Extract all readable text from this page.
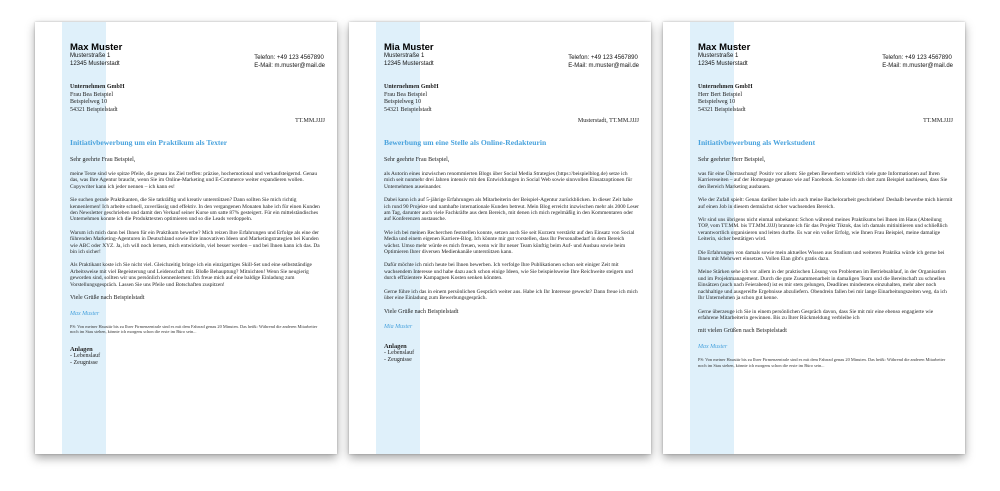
Max Muster
Musterstraße 1
12345 Musterstadt
Telefon: +49 123 4567890
E-Mail: m.muster@mail.de
Unternehmen GmbH
Frau Bea Beispiel
Beispielweg 10
54321 Beispielstadt
TT.MM.JJJJ
Initiativbewerbung um ein Praktikum als Texter
Sehr geehrte Frau Beispiel,
meine Texte sind wie spitze Pfeile, die genau ins Ziel treffen: präzise, hochemotional und verkaufsteigernd. Genau das, was Ihre Agentur braucht, wenn Sie im Online-Marketing und E-Commerce weiter expandieren wollen. Copywriter kann ich jeder nennen – ich kann es!
Sie suchen gerade Praktikanten, die Sie tatkräftig und kreativ unterstützen? Dann sollten Sie mich richtig kennenlernen! Ich arbeite schnell, zuverlässig und effektiv. In den vergangenen Monaten habe ich für einen Kunden den Newsletter geschrieben und damit den Verkauf seiner Kurse um satte 87% gesteigert. Für ein mittelständisches Unternehmen konnte ich die Produkttexten optimieren und so die Leads verdoppeln.
Warum ich mich dann bei Ihnen für ein Praktikum bewerbe? Mich reizen Ihre Erfahrungen und Erfolge als eine der führenden Marketing-Agenturen in Deutschland sowie Ihre innovativen Ideen und Marketingstrategien bei Kunden wie ABC oder XYZ. Ja, ich will noch lernen, mich entwickeln, viel besser werden – und bei Ihnen kann ich das. Da bin ich sicher!
Als Praktikant koste ich Sie nicht viel. Gleichzeitig bringe ich ein einzigartiges Skill-Set und eine selbstständige Arbeitsweise mit viel Begeisterung und Leidenschaft mit. Bloße Behauptung? Mitnichten! Wenn Sie neugierig geworden sind, sollten wir uns persönlich kennenlernen: Ich freue mich auf eine baldige Einladung zum Vorstellungsgespräch. Lassen Sie uns Pfeile und Botschaften zuspitzen!
Viele Grüße nach Beispielstadt
Max Muster
PS: Von meiner Haustür bis zu Ihrer Firmenzentrale sind es mit dem Fahrrad genau 20 Minuten. Das heißt: Während die anderen Mitarbeiter noch im Stau stehen, könnte ich morgens schon die erste im Büro sein...
Anlagen
- Lebenslauf
- Zeugnisse
Mia Muster
Musterstraße 1
12345 Musterstadt
Telefon: +49 123 4567890
E-Mail: m.muster@mail.de
Unternehmen GmbH
Frau Bea Beispiel
Beispielweg 10
54321 Beispielstadt
Musterstadt, TT.MM.JJJJ
Bewerbung um eine Stelle als Online-Redakteurin
Sehr geehrte Frau Beispiel,
als Autorin eines inzwischen renommierten Blogs über Social Media Strategies (https://beispielblog.de) setze ich mich seit nunmehr drei Jahren intensiv mit den Entwicklungen in Social Web sowie sinnvollen Einsatzoptionen für Unternehmen auseinander.
Dabei kann ich auf 5-jährige Erfahrungen als Mitarbeiterin der Beispiel-Agentur zurückblicken. In dieser Zeit habe ich rund 90 Projekte und namhafte internationale Kunden betreut. Mein Blog erreicht inzwischen mehr als 2000 Leser am Tag, darunter auch viele Fachkräfte aus dem Bereich, mit denen ich mich regelmäßig in den Kommentaren oder auf Konferenzen austausche.
Wie ich bei meinen Recherchen feststellen konnte, setzen auch Sie seit Kurzem verstärkt auf den Einsatz von Social Media und einem eigenen Karriere-Blog. Ich könnte mir gut vorstellen, dass Ihr Personalbedarf in dem Bereich wächst. Umso mehr würde es mich freuen, wenn wir Ihr neuer Team künftig beim Auf- und Ausbau sowie beim Optimieren Ihrer diversen Medienkanäle unterstützen kann.
Dafür möchte ich mich heute bei Ihnen bewerben. Ich verfolge Ihre Publikationen schon seit einiger Zeit mit wachsendem Interesse und habe dazu auch schon einige Ideen, wie Sie beispielsweise Ihre Reichweite steigern und durch effizientere Kampagnen Kosten senken könnten.
Gerne führe ich das in einem persönlichen Gespräch weiter aus. Habe ich Ihr Interesse geweckt? Dann freue ich mich über eine Einladung zum Bewerbungsgespräch.
Viele Grüße nach Beispielstadt
Mia Muster
Anlagen
- Lebenslauf
- Zeugnisse
Max Muster
Musterstraße 1
12345 Musterstadt
Telefon: +49 123 4567890
E-Mail: m.muster@mail.de
Unternehmen GmbH
Herr Bert Beispiel
Beispielweg 10
54321 Beispielstadt
TT.MM.JJJJ
Initiativbewerbung als Werkstudent
Sehr geehrter Herr Beispiel,
was für eine Überraschung! Positiv vor allem: Sie geben Bewerbern wirklich viele gute Informationen auf Ihren Karriereseiten – auf der Homepage genauso wie auf Facebook. So konnte ich dort zum Beispiel nachlesen, dass Sie den Bereich Marketing ausbauen.
Wie der Zufall spielt: Genau darüber habe ich auch meine Bachelorarbeit geschrieben! Deshalb bewerbe mich hiermit auf einen Job in diesem demnächst sicher wachsenden Bereich.
Wir sind uns übrigens nicht einmal unbekannt: Schon während meines Praktikums bei Ihnen im Haus (Abteilung TOP, vom TT.MM. bis TT.MM.JJJJ) brannte ich für das Projekt Tiktok, das ich damals mitinitiieren und schließlich verantwortlich organisieren und leiten durfte. Es war ein voller Erfolg, wie Ihnen Frau Beispiel, meine damalige Leiterin, sicher bestätigen wird.
Die Erfahrungen von damals sowie mein aktuelles Wissen aus Studium und weiteren Praktika würde ich gerne bei Ihnen mit Mehrwert einsetzen. Vollen Elan gibt's gratis dazu.
Meine Stärken sehe ich vor allem in der praktischen Lösung von Problemen im Betriebsablauf, in der Organisation und im Projektmanagement. Durch die gute Zusammenarbeit in damaligen Team und die Bereitschaft zu schnellen Einsätzen (auch nach Feierabend) ist es mir stets gelungen, Deadlines mindestens einzuhalten, mehr aber noch nachhaltige und ausgereifte Ergebnisse abzuliefern. Obendrein fallen bei mir lange Einarbeitungszeiten weg, da ich Ihr Unternehmen ja schon gut kenne.
Gerne überzeuge ich Sie in einem persönlichen Gespräch davon, dass Sie mit mir eine ebenso engagierte wie erfahrene Mitarbeiterin gewinnen. Bis zu Ihrer Rückmeldung verbleibe ich
mit vielen Grüßen nach Beispielstadt
Max Muster
PS: Von meiner Haustür bis zu Ihrer Firmenzentrale sind es mit dem Fahrrad genau 20 Minuten. Das heißt: Während die anderen Mitarbeiter noch im Stau stehen, könnte ich morgens schon die erste im Büro sein...
